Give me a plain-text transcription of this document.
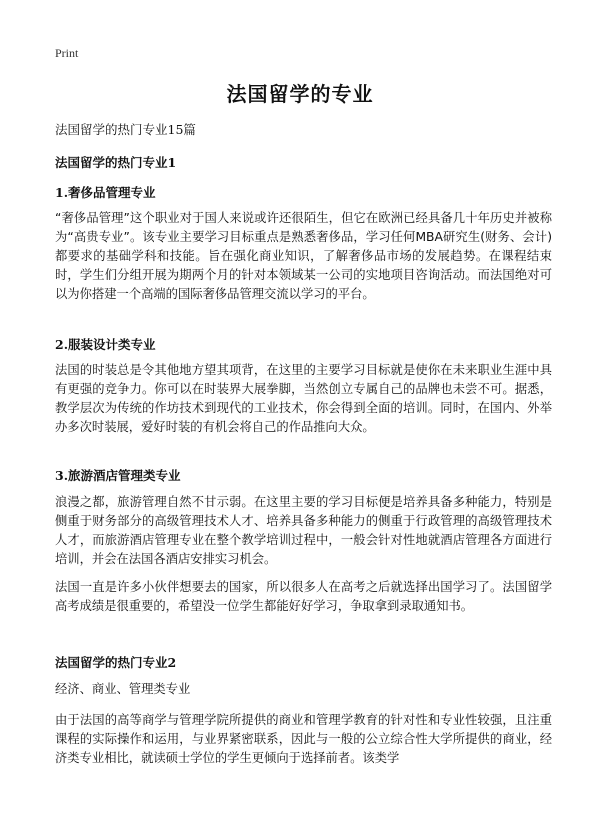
Print
法国留学的专业
法国留学的热门专业15篇
法国留学的热门专业1
1.奢侈品管理专业
“奢侈品管理”这个职业对于国人来说或许还很陌生，但它在欧洲已经具备几十年历史并被称为“高贵专业”。该专业主要学习目标重点是熟悉奢侈品，学习任何MBA研究生(财务、会计)都要求的基础学科和技能。旨在强化商业知识，了解奢侈品市场的发展趋势。在课程结束时，学生们分组开展为期两个月的针对本领域某一公司的实地项目咨询活动。而法国绝对可以为你搭建一个高端的国际奢侈品管理交流以学习的平台。
2.服装设计类专业
法国的时装总是令其他地方望其项背，在这里的主要学习目标就是使你在未来职业生涯中具有更强的竞争力。你可以在时装界大展拳脚，当然创立专属自己的品牌也未尝不可。据悉，教学层次为传统的作坊技术到现代的工业技术，你会得到全面的培训。同时，在国内、外举办多次时装展，爱好时装的有机会将自己的作品推向大众。
3.旅游酒店管理类专业
浪漫之都，旅游管理自然不甘示弱。在这里主要的学习目标便是培养具备多种能力，特别是侧重于财务部分的高级管理技术人才、培养具备多种能力的侧重于行政管理的高级管理技术人才，而旅游酒店管理专业在整个教学培训过程中，一般会针对性地就酒店管理各方面进行培训，并会在法国各酒店安排实习机会。
法国一直是许多小伙伴想要去的国家，所以很多人在高考之后就选择出国学习了。法国留学高考成绩是很重要的，希望没一位学生都能好好学习，争取拿到录取通知书。
法国留学的热门专业2
经济、商业、管理类专业
由于法国的高等商学与管理学院所提供的商业和管理学教育的针对性和专业性较强，且注重课程的实际操作和运用，与业界紧密联系，因此与一般的公立综合性大学所提供的商业，经济类专业相比，就读硕士学位的学生更倾向于选择前者。该类学
